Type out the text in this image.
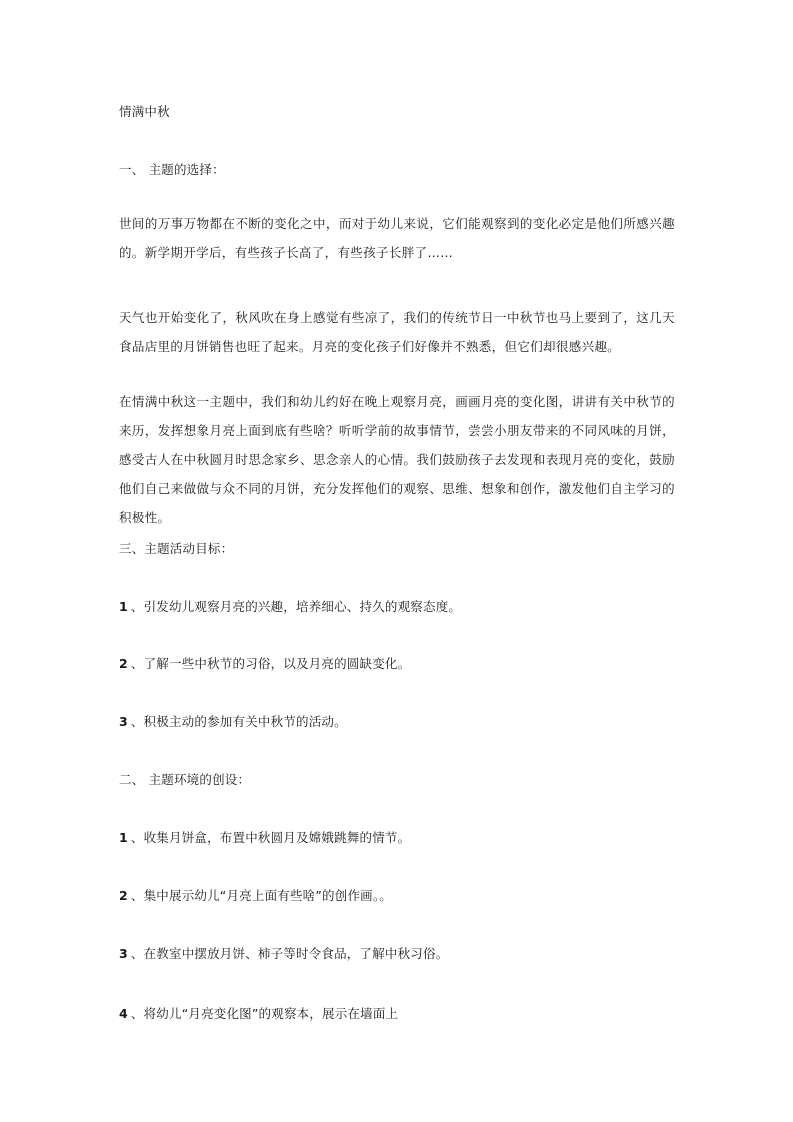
情满中秋
一、 主题的选择：
世间的万事万物都在不断的变化之中，而对于幼儿来说，它们能观察到的变化必定是他们所感兴趣的。新学期开学后，有些孩子长高了，有些孩子长胖了……
天气也开始变化了，秋风吹在身上感觉有些凉了，我们的传统节日一中秋节也马上要到了，这几天食品店里的月饼销售也旺了起来。月亮的变化孩子们好像并不熟悉，但它们却很感兴趣。
在情满中秋这一主题中，我们和幼儿约好在晚上观察月亮，画画月亮的变化图，讲讲有关中秋节的来历，发挥想象月亮上面到底有些啥？听听学前的故事情节，尝尝小朋友带来的不同风味的月饼，感受古人在中秋圆月时思念家乡、思念亲人的心情。我们鼓励孩子去发现和表现月亮的变化，鼓励他们自己来做做与众不同的月饼，充分发挥他们的观察、思维、想象和创作，激发他们自主学习的积极性。
三、主题活动目标：
1 、引发幼儿观察月亮的兴趣，培养细心、持久的观察态度。
2 、了解一些中秋节的习俗，以及月亮的圆缺变化。
3 、积极主动的参加有关中秋节的活动。
二、 主题环境的创设：
1 、收集月饼盒，布置中秋圆月及嫦娥跳舞的情节。
2 、集中展示幼儿“月亮上面有些啥”的创作画。。
3 、在教室中摆放月饼、柿子等时令食品，了解中秋习俗。
4 、将幼儿“月亮变化图”的观察本，展示在墙面上
